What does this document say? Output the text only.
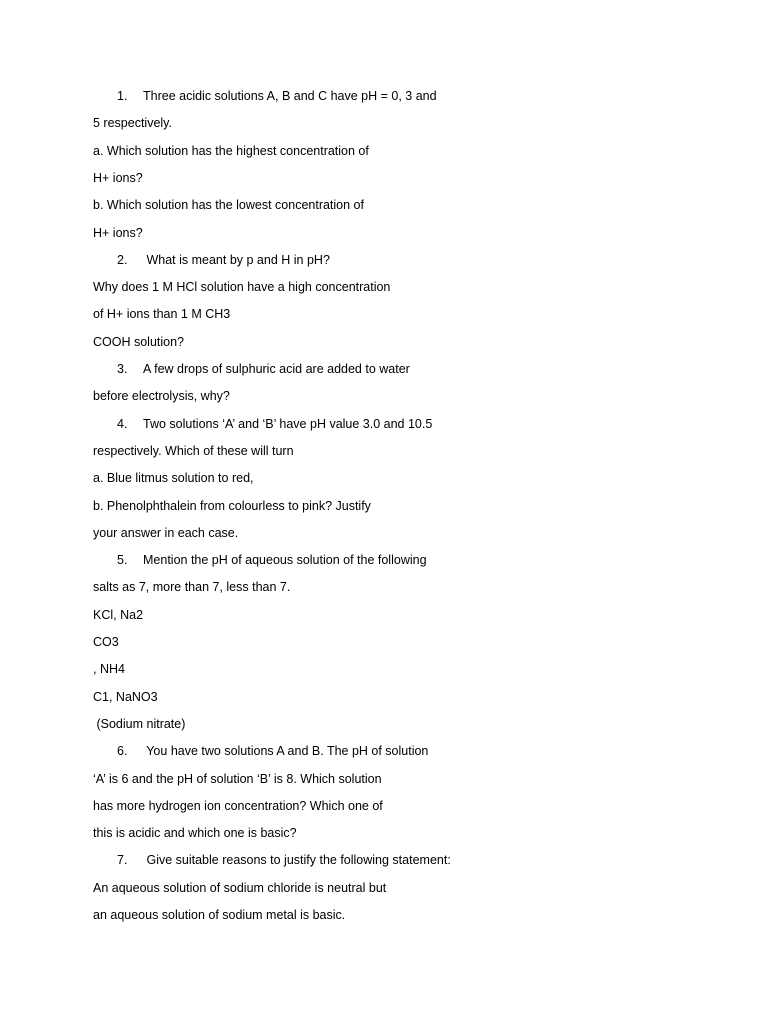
1. Three acidic solutions A, B and C have pH = 0, 3 and
5 respectively.
a. Which solution has the highest concentration of
H+ ions?
b. Which solution has the lowest concentration of
H+ ions?
2. What is meant by p and H in pH?
Why does 1 M HCl solution have a high concentration
of H+ ions than 1 M CH3
COOH solution?
3. A few drops of sulphuric acid are added to water
before electrolysis, why?
4. Two solutions ‘A’ and ‘B’ have pH value 3.0 and 10.5
respectively. Which of these will turn
a. Blue litmus solution to red,
b. Phenolphthalein from colourless to pink? Justify
your answer in each case.
5. Mention the pH of aqueous solution of the following
salts as 7, more than 7, less than 7.
KCl, Na2
CO3
, NH4
C1, NaNO3
(Sodium nitrate)
6. You have two solutions A and B. The pH of solution
‘A’ is 6 and the pH of solution ‘B’ is 8. Which solution
has more hydrogen ion concentration? Which one of
this is acidic and which one is basic?
7. Give suitable reasons to justify the following statement:
An aqueous solution of sodium chloride is neutral but
an aqueous solution of sodium metal is basic.
